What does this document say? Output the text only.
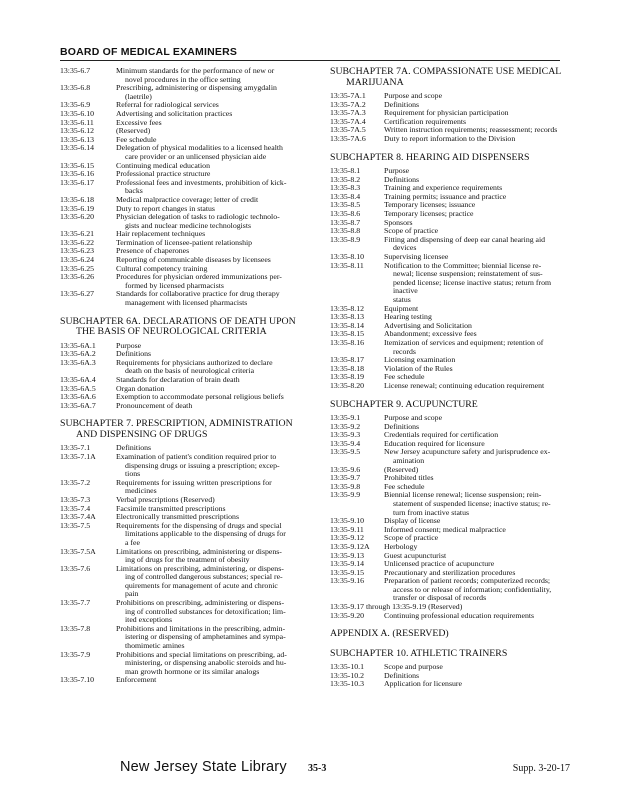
BOARD OF MEDICAL EXAMINERS
13:35-6.7	Minimum standards for the performance of new or
novel procedures in the office setting
13:35-6.8	Prescribing, administering or dispensing amygdalin
(laetrile)
13:35-6.9	Referral for radiological services
13:35-6.10	Advertising and solicitation practices
13:35-6.11	Excessive fees
13:35-6.12	(Reserved)
13:35-6.13	Fee schedule
13:35-6.14	Delegation of physical modalities to a licensed health
care provider or an unlicensed physician aide
13:35-6.15	Continuing medical education
13:35-6.16	Professional practice structure
13:35-6.17	Professional fees and investments, prohibition of kick-
backs
13:35-6.18	Medical malpractice coverage; letter of credit
13:35-6.19	Duty to report changes in status
13:35-6.20	Physician delegation of tasks to radiologic technolo-
gists and nuclear medicine technologists
13:35-6.21	Hair replacement techniques
13:35-6.22	Termination of licensee-patient relationship
13:35-6.23	Presence of chaperones
13:35-6.24	Reporting of communicable diseases by licensees
13:35-6.25	Cultural competency training
13:35-6.26	Procedures for physician ordered immunizations per-
formed by licensed pharmacists
13:35-6.27	Standards for collaborative practice for drug therapy
management with licensed pharmacists
SUBCHAPTER 6A. DECLARATIONS OF DEATH UPON
THE BASIS OF NEUROLOGICAL CRITERIA
13:35-6A.1	Purpose
13:35-6A.2	Definitions
13:35-6A.3	Requirements for physicians authorized to declare
death on the basis of neurological criteria
13:35-6A.4	Standards for declaration of brain death
13:35-6A.5	Organ donation
13:35-6A.6	Exemption to accommodate personal religious beliefs
13:35-6A.7	Pronouncement of death
SUBCHAPTER 7. PRESCRIPTION, ADMINISTRATION
AND DISPENSING OF DRUGS
13:35-7.1	Definitions
13:35-7.1A	Examination of patient's condition required prior to
dispensing drugs or issuing a prescription; excep-
tions
13:35-7.2	Requirements for issuing written prescriptions for
medicines
13:35-7.3	Verbal prescriptions (Reserved)
13:35-7.4	Facsimile transmitted prescriptions
13:35-7.4A	Electronically transmitted prescriptions
13:35-7.5	Requirements for the dispensing of drugs and special
limitations applicable to the dispensing of drugs for
a fee
13:35-7.5A	Limitations on prescribing, administering or dispens-
ing of drugs for the treatment of obesity
13:35-7.6	Limitations on prescribing, administering, or dispens-
ing of controlled dangerous substances; special re-
quirements for management of acute and chronic
pain
13:35-7.7	Prohibitions on prescribing, administering or dispens-
ing of controlled substances for detoxification; lim-
ited exceptions
13:35-7.8	Prohibitions and limitations in the prescribing, admin-
istering or dispensing of amphetamines and sympa-
thomimetic amines
13:35-7.9	Prohibitions and special limitations on prescribing, ad-
ministering, or dispensing anabolic steroids and hu-
man growth hormone or its similar analogs
13:35-7.10	Enforcement
SUBCHAPTER 7A. COMPASSIONATE USE MEDICAL
MARIJUANA
13:35-7A.1	Purpose and scope
13:35-7A.2	Definitions
13:35-7A.3	Requirement for physician participation
13:35-7A.4	Certification requirements
13:35-7A.5	Written instruction requirements; reassessment; records
13:35-7A.6	Duty to report information to the Division
SUBCHAPTER 8. HEARING AID DISPENSERS
13:35-8.1	Purpose
13:35-8.2	Definitions
13:35-8.3	Training and experience requirements
13:35-8.4	Training permits; issuance and practice
13:35-8.5	Temporary licenses; issuance
13:35-8.6	Temporary licenses; practice
13:35-8.7	Sponsors
13:35-8.8	Scope of practice
13:35-8.9	Fitting and dispensing of deep ear canal hearing aid
devices
13:35-8.10	Supervising licensee
13:35-8.11	Notification to the Committee; biennial license re-
newal; license suspension; reinstatement of sus-
pended license; license inactive status; return from inactive
status
13:35-8.12	Equipment
13:35-8.13	Hearing testing
13:35-8.14	Advertising and Solicitation
13:35-8.15	Abandonment; excessive fees
13:35-8.16	Itemization of services and equipment; retention of
records
13:35-8.17	Licensing examination
13:35-8.18	Violation of the Rules
13:35-8.19	Fee schedule
13:35-8.20	License renewal; continuing education requirement
SUBCHAPTER 9. ACUPUNCTURE
13:35-9.1	Purpose and scope
13:35-9.2	Definitions
13:35-9.3	Credentials required for certification
13:35-9.4	Education required for licensure
13:35-9.5	New Jersey acupuncture safety and jurisprudence ex-
amination
13:35-9.6	(Reserved)
13:35-9.7	Prohibited titles
13:35-9.8	Fee schedule
13:35-9.9	Biennial license renewal; license suspension; rein-
statement of suspended license; inactive status; re-
turn from inactive status
13:35-9.10	Display of license
13:35-9.11	Informed consent; medical malpractice
13:35-9.12	Scope of practice
13:35-9.12A	Herbology
13:35-9.13	Guest acupuncturist
13:35-9.14	Unlicensed practice of acupuncture
13:35-9.15	Precautionary and sterilization procedures
13:35-9.16	Preparation of patient records; computerized records;
access to or release of information; confidentiality,
transfer or disposal of records
13:35-9.17 through 13:35-9.19 (Reserved)
13:35-9.20	Continuing professional education requirements
APPENDIX A. (RESERVED)
SUBCHAPTER 10. ATHLETIC TRAINERS
13:35-10.1	Scope and purpose
13:35-10.2	Definitions
13:35-10.3	Application for licensure
New Jersey State Library 35-3	Supp. 3-20-17
